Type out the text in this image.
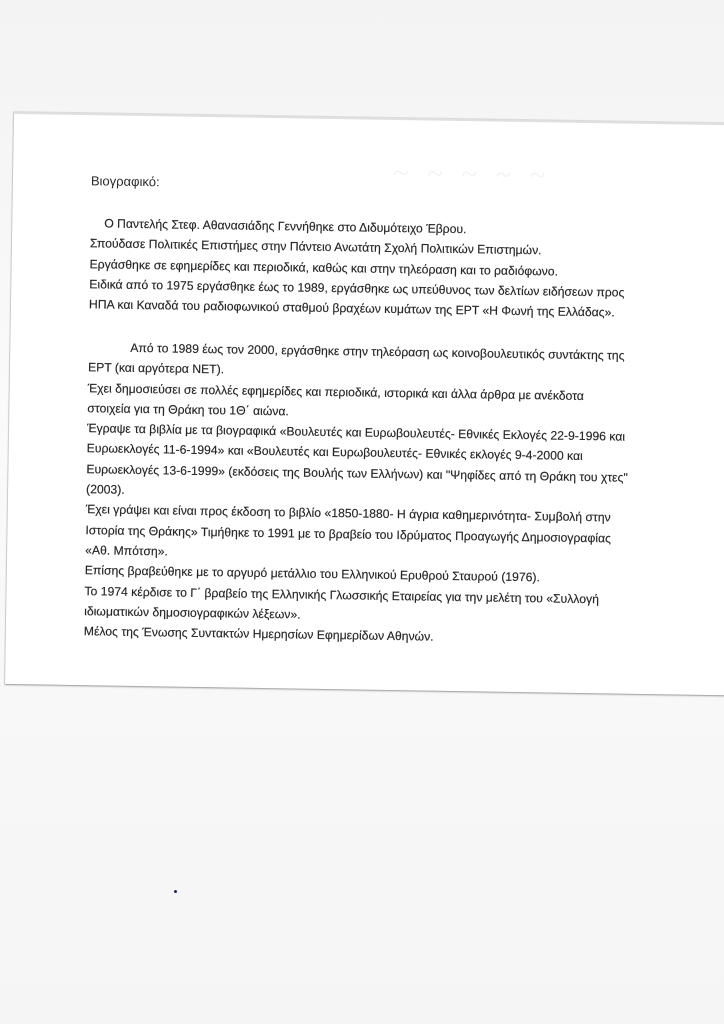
~ ~ ~ ~ ~
Βιογραφικό:

Ο Παντελής Στεφ. Αθανασιάδης Γεννήθηκε στο Διδυμότειχο Έβρου.
Σπούδασε Πολιτικές Επιστήμες στην Πάντειο Ανωτάτη Σχολή Πολιτικών Επιστημών.
Εργάσθηκε σε εφημερίδες και περιοδικά, καθώς και στην τηλεόραση και το ραδιόφωνο.
Ειδικά από το 1975 εργάσθηκε έως το 1989, εργάσθηκε ως υπεύθυνος των δελτίων ειδήσεων προς
ΗΠΑ και Καναδά του ραδιοφωνικού σταθμού βραχέων κυμάτων της ΕΡΤ «Η Φωνή της Ελλάδας».

Από το 1989 έως τον 2000, εργάσθηκε στην τηλεόραση ως κοινοβουλευτικός συντάκτης της
ΕΡΤ (και αργότερα ΝΕΤ).
Έχει δημοσιεύσει σε πολλές εφημερίδες και περιοδικά, ιστορικά και άλλα άρθρα με ανέκδοτα
στοιχεία για τη Θράκη του 1Θ΄ αιώνα.
Έγραψε τα βιβλία με τα βιογραφικά «Βουλευτές και Ευρωβουλευτές- Εθνικές Εκλογές 22-9-1996 και
Ευρωεκλογές 11-6-1994» και «Βουλευτές και Ευρωβουλευτές- Εθνικές εκλογές 9-4-2000 και
Ευρωεκλογές 13-6-1999» (εκδόσεις της Βουλής των Ελλήνων) και "Ψηφίδες από τη Θράκη του χτες"
(2003).
Έχει γράψει και είναι προς έκδοση το βιβλίο «1850-1880- Η άγρια καθημερινότητα- Συμβολή στην
Ιστορία της Θράκης» Τιμήθηκε το 1991 με το βραβείο του Ιδρύματος Προαγωγής Δημοσιογραφίας
«Αθ. Μπότση».
Επίσης βραβεύθηκε με το αργυρό μετάλλιο του Ελληνικού Ερυθρού Σταυρού (1976).
Το 1974 κέρδισε το Γ΄ βραβείο της Ελληνικής Γλωσσικής Εταιρείας για την μελέτη του «Συλλογή
ιδιωματικών δημοσιογραφικών λέξεων».
Μέλος της Ένωσης Συντακτών Ημερησίων Εφημερίδων Αθηνών.
